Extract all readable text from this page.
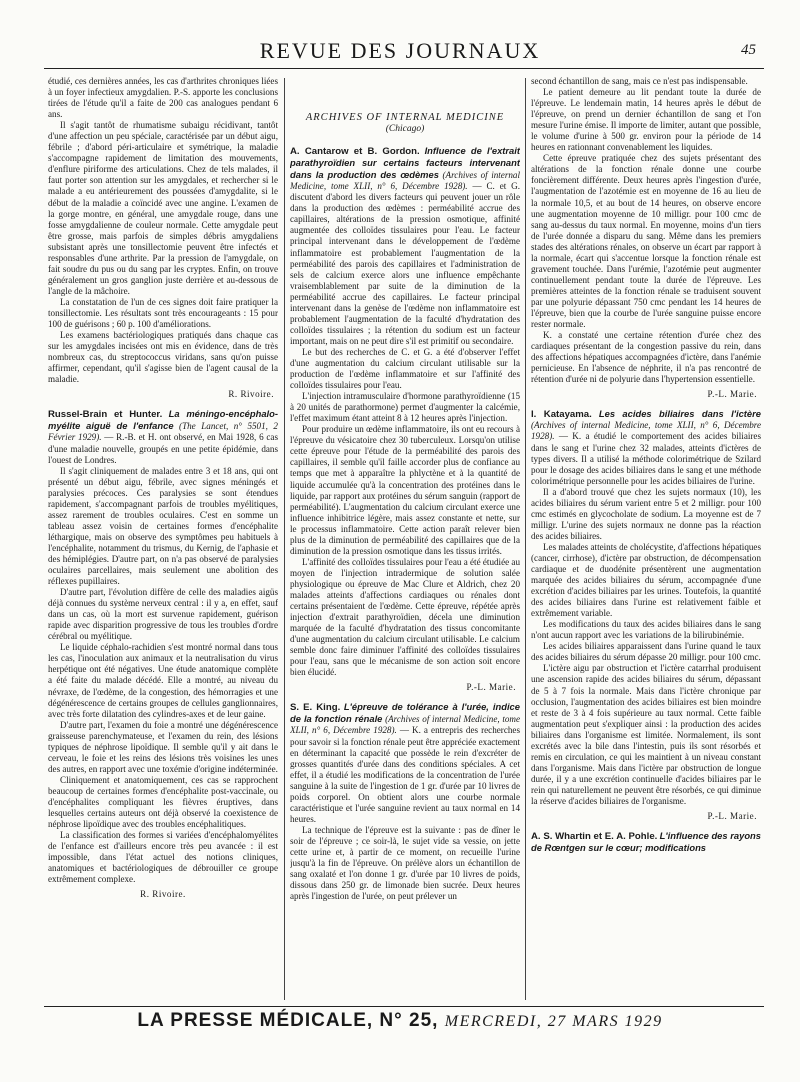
REVUE DES JOURNAUX	45

étudié, ces dernières années, les cas d'arthrites chroniques liées à un foyer infectieux amygdalien. P.-S. apporte les conclusions tirées de l'étude qu'il a faite de 200 cas analogues pendant 6 ans.

Il s'agit tantôt de rhumatisme subaigu récidivant, tantôt d'une affection un peu spéciale, caractérisée par un début aigu, fébrile ; d'abord péri-articulaire et symétrique, la maladie s'accompagne rapidement de limitation des mouvements, d'enflure piriforme des articulations. Chez de tels malades, il faut porter son attention sur les amygdales, et rechercher si le malade a eu antérieurement des poussées d'amygdalite, si le début de la maladie a coïncidé avec une angine. L'examen de la gorge montre, en général, une amygdale rouge, dans une fosse amygdalienne de couleur normale. Cette amygdale peut être grosse, mais parfois de simples débris amygdaliens subsistant après une tonsillectomie peuvent être infectés et responsables d'une arthrite. Par la pression de l'amygdale, on fait soudre du pus ou du sang par les cryptes. Enfin, on trouve généralement un gros ganglion juste derrière et au-dessous de l'angle de la mâchoire.

La constatation de l'un de ces signes doit faire pratiquer la tonsillectomie. Les résultats sont très encourageants : 15 pour 100 de guérisons ; 60 p. 100 d'améliorations.

Les examens bactériologiques pratiqués dans chaque cas sur les amygdales incisées ont mis en évidence, dans de très nombreux cas, du streptococcus viridans, sans qu'on puisse affirmer, cependant, qu'il s'agisse bien de l'agent causal de la maladie.

R. Rivoire.

Russel-Brain et Hunter. La méningo-encéphalo-myélite aiguë de l'enfance (The Lancet, n° 5501, 2 Février 1929). — R.-B. et H. ont observé, en Mai 1928, 6 cas d'une maladie nouvelle, groupés en une petite épidémie, dans l'ouest de Londres.

Il s'agit cliniquement de malades entre 3 et 18 ans, qui ont présenté un début aigu, fébrile, avec signes méningés et paralysies précoces. Ces paralysies se sont étendues rapidement, s'accompagnant parfois de troubles myélitiques, assez rarement de troubles oculaires. C'est en somme un tableau assez voisin de certaines formes d'encéphalite léthargique, mais on observe des symptômes peu habituels à l'encéphalite, notamment du trismus, du Kernig, de l'aphasie et des hémiplégies. D'autre part, on n'a pas observé de paralysies oculaires parcellaires, mais seulement une abolition des réflexes pupillaires.

D'autre part, l'évolution diffère de celle des maladies aigüs déjà connues du système nerveux central : il y a, en effet, sauf dans un cas, où la mort est survenue rapidement, guérison rapide avec disparition progressive de tous les troubles d'ordre cérébral ou myélitique.

Le liquide céphalo-rachidien s'est montré normal dans tous les cas, l'inoculation aux animaux et la neutralisation du virus herpétique ont été négatives. Une étude anatomique complète a été faite du malade décédé. Elle a montré, au niveau du névraxe, de l'œdème, de la congestion, des hémorragies et une dégénérescence de certains groupes de cellules ganglionnaires, avec très forte dilatation des cylindres-axes et de leur gaine.

D'autre part, l'examen du foie a montré une dégénérescence graisseuse parenchymateuse, et l'examen du rein, des lésions typiques de néphrose lipoïdique. Il semble qu'il y ait dans le cerveau, le foie et les reins des lésions très voisines les unes des autres, en rapport avec une toxémie d'origine indéterminée.

Cliniquement et anatomiquement, ces cas se rapprochent beaucoup de certaines formes d'encéphalite post-vaccinale, ou d'encéphalites compliquant les fièvres éruptives, dans lesquelles certains auteurs ont déjà observé la coexistence de néphrose lipoïdique avec des troubles encéphalitiques.

La classification des formes si variées d'encéphalomyélites de l'enfance est d'ailleurs encore très peu avancée : il est impossible, dans l'état actuel des notions cliniques, anatomiques et bactériologiques de débrouiller ce groupe extrêmement complexe.

R. Rivoire.

ARCHIVES OF INTERNAL MEDICINE
(Chicago)

A. Cantarow et B. Gordon. Influence de l'extrait parathyroïdien sur certains facteurs intervenant dans la production des œdèmes (Archives of internal Medicine, tome XLII, n° 6, Décembre 1928). — C. et G. discutent d'abord les divers facteurs qui peuvent jouer un rôle dans la production des œdèmes : perméabilité accrue des capillaires, altérations de la pression osmotique, affinité augmentée des colloïdes tissulaires pour l'eau. Le facteur principal intervenant dans le développement de l'œdème inflammatoire est probablement l'augmentation de la perméabilité des parois des capillaires et l'administration de sels de calcium exerce alors une influence empêchante vraisemblablement par suite de la diminution de la perméabilité accrue des capillaires. Le facteur principal intervenant dans la genèse de l'œdème non inflammatoire est probablement l'augmentation de la faculté d'hydratation des colloïdes tissulaires ; la rétention du sodium est un facteur important, mais on ne peut dire s'il est primitif ou secondaire.

Le but des recherches de C. et G. a été d'observer l'effet d'une augmentation du calcium circulant utilisable sur la production de l'œdème inflammatoire et sur l'affinité des colloïdes tissulaires pour l'eau.

L'injection intramusculaire d'hormone parathyroïdienne (15 à 20 unités de parathormone) permet d'augmenter la calcémie, l'effet maximum étant atteint 8 à 12 heures après l'injection.

Pour produire un œdème inflammatoire, ils ont eu recours à l'épreuve du vésicatoire chez 30 tuberculeux. Lorsqu'on utilise cette épreuve pour l'étude de la perméabilité des parois des capillaires, il semble qu'il faille accorder plus de confiance au temps que met à apparaître la phlyctène et à la quantité de liquide accumulée qu'à la concentration des protéines dans le liquide, par rapport aux protéines du sérum sanguin (rapport de perméabilité). L'augmentation du calcium circulant exerce une influence inhibitrice légère, mais assez constante et nette, sur le processus inflammatoire. Cette action paraît relever bien plus de la diminution de perméabilité des capillaires que de la diminution de la pression osmotique dans les tissus irrités.

L'affinité des colloïdes tissulaires pour l'eau a été étudiée au moyen de l'injection intradermique de solution salée physiologique ou épreuve de Mac Clure et Aldrich, chez 20 malades atteints d'affections cardiaques ou rénales dont certains présentaient de l'œdème. Cette épreuve, répétée après injection d'extrait parathyroïdien, décela une diminution marquée de la faculté d'hydratation des tissus concomitante d'une augmentation du calcium circulant utilisable. Le calcium semble donc faire diminuer l'affinité des colloïdes tissulaires pour l'eau, sans que le mécanisme de son action soit encore bien élucidé.

P.-L. Marie.

S. E. King. L'épreuve de tolérance à l'urée, indice de la fonction rénale (Archives of internal Medicine, tome XLII, n° 6, Décembre 1928). — K. a entrepris des recherches pour savoir si la fonction rénale peut être appréciée exactement en déterminant la capacité que possède le rein d'excréter de grosses quantités d'urée dans des conditions spéciales. A cet effet, il a étudié les modifications de la concentration de l'urée sanguine à la suite de l'ingestion de 1 gr. d'urée par 10 livres de poids corporel. On obtient alors une courbe normale caractéristique et l'urée sanguine revient au taux normal en 14 heures.

La technique de l'épreuve est la suivante : pas de dîner le soir de l'épreuve ; ce soir-là, le sujet vide sa vessie, on jette cette urine et, à partir de ce moment, on recueille l'urine jusqu'à la fin de l'épreuve. On prélève alors un échantillon de sang oxalaté et l'on donne 1 gr. d'urée par 10 livres de poids, dissous dans 250 gr. de limonade bien sucrée. Deux heures après l'ingestion de l'urée, on peut prélever un

second échantillon de sang, mais ce n'est pas indispensable.

Le patient demeure au lit pendant toute la durée de l'épreuve. Le lendemain matin, 14 heures après le début de l'épreuve, on prend un dernier échantillon de sang et l'on mesure l'urine émise. Il importe de limiter, autant que possible, le volume d'urine à 500 gr. environ pour la période de 14 heures en rationnant convenablement les liquides.

Cette épreuve pratiquée chez des sujets présentant des altérations de la fonction rénale donne une courbe foncièrement différente. Deux heures après l'ingestion d'urée, l'augmentation de l'azotémie est en moyenne de 16 au lieu de la normale 10,5, et au bout de 14 heures, on observe encore une augmentation moyenne de 10 milligr. pour 100 cmc de sang au-dessus du taux normal. En moyenne, moins d'un tiers de l'urée donnée a disparu du sang. Même dans les premiers stades des altérations rénales, on observe un écart par rapport à la normale, écart qui s'accentue lorsque la fonction rénale est gravement touchée. Dans l'urémie, l'azotémie peut augmenter continuellement pendant toute la durée de l'épreuve. Les premières atteintes de la fonction rénale se traduisent souvent par une polyurie dépassant 750 cmc pendant les 14 heures de l'épreuve, bien que la courbe de l'urée sanguine puisse encore rester normale.

K. a constaté une certaine rétention d'urée chez des cardiaques présentant de la congestion passive du rein, dans des affections hépatiques accompagnées d'ictère, dans l'anémie pernicieuse. En l'absence de néphrite, il n'a pas rencontré de rétention d'urée ni de polyurie dans l'hypertension essentielle.

P.-L. Marie.

I. Katayama. Les acides biliaires dans l'ictère (Archives of internal Medicine, tome XLII, n° 6, Décembre 1928). — K. a étudié le comportement des acides biliaires dans le sang et l'urine chez 32 malades, atteints d'ictères de types divers. Il a utilisé la méthode colorimétrique de Szilard pour le dosage des acides biliaires dans le sang et une méthode colorimétrique personnelle pour les acides biliaires de l'urine.

Il a d'abord trouvé que chez les sujets normaux (10), les acides biliaires du sérum varient entre 5 et 2 milligr. pour 100 cmc estimés en glycocholate de sodium. La moyenne est de 7 milligr. L'urine des sujets normaux ne donne pas la réaction des acides biliaires.

Les malades atteints de cholécystite, d'affections hépatiques (cancer, cirrhose), d'ictère par obstruction, de décompensation cardiaque et de duodénite présentèrent une augmentation marquée des acides biliaires du sérum, accompagnée d'une excrétion d'acides biliaires par les urines. Toutefois, la quantité des acides biliaires dans l'urine est relativement faible et extrêmement variable.

Les modifications du taux des acides biliaires dans le sang n'ont aucun rapport avec les variations de la bilirubinémie.

Les acides biliaires apparaissent dans l'urine quand le taux des acides biliaires du sérum dépasse 20 milligr. pour 100 cmc.

L'ictère aigu par obstruction et l'ictère catarrhal produisent une ascension rapide des acides biliaires du sérum, dépassant de 5 à 7 fois la normale. Mais dans l'ictère chronique par occlusion, l'augmentation des acides biliaires est bien moindre et reste de 3 à 4 fois supérieure au taux normal. Cette faible augmentation peut s'expliquer ainsi : la production des acides biliaires dans l'organisme est limitée. Normalement, ils sont excrétés avec la bile dans l'intestin, puis ils sont résorbés et remis en circulation, ce qui les maintient à un niveau constant dans l'organisme. Mais dans l'ictère par obstruction de longue durée, il y a une excrétion continuelle d'acides biliaires par le rein qui naturellement ne peuvent être résorbés, ce qui diminue la réserve d'acides biliaires de l'organisme.

P.-L. Marie.

A. S. Whartin et E. A. Pohle. L'influence des rayons de Rœntgen sur le cœur; modifications

LA PRESSE MÉDICALE, N° 25, MERCREDI, 27 MARS 1929
